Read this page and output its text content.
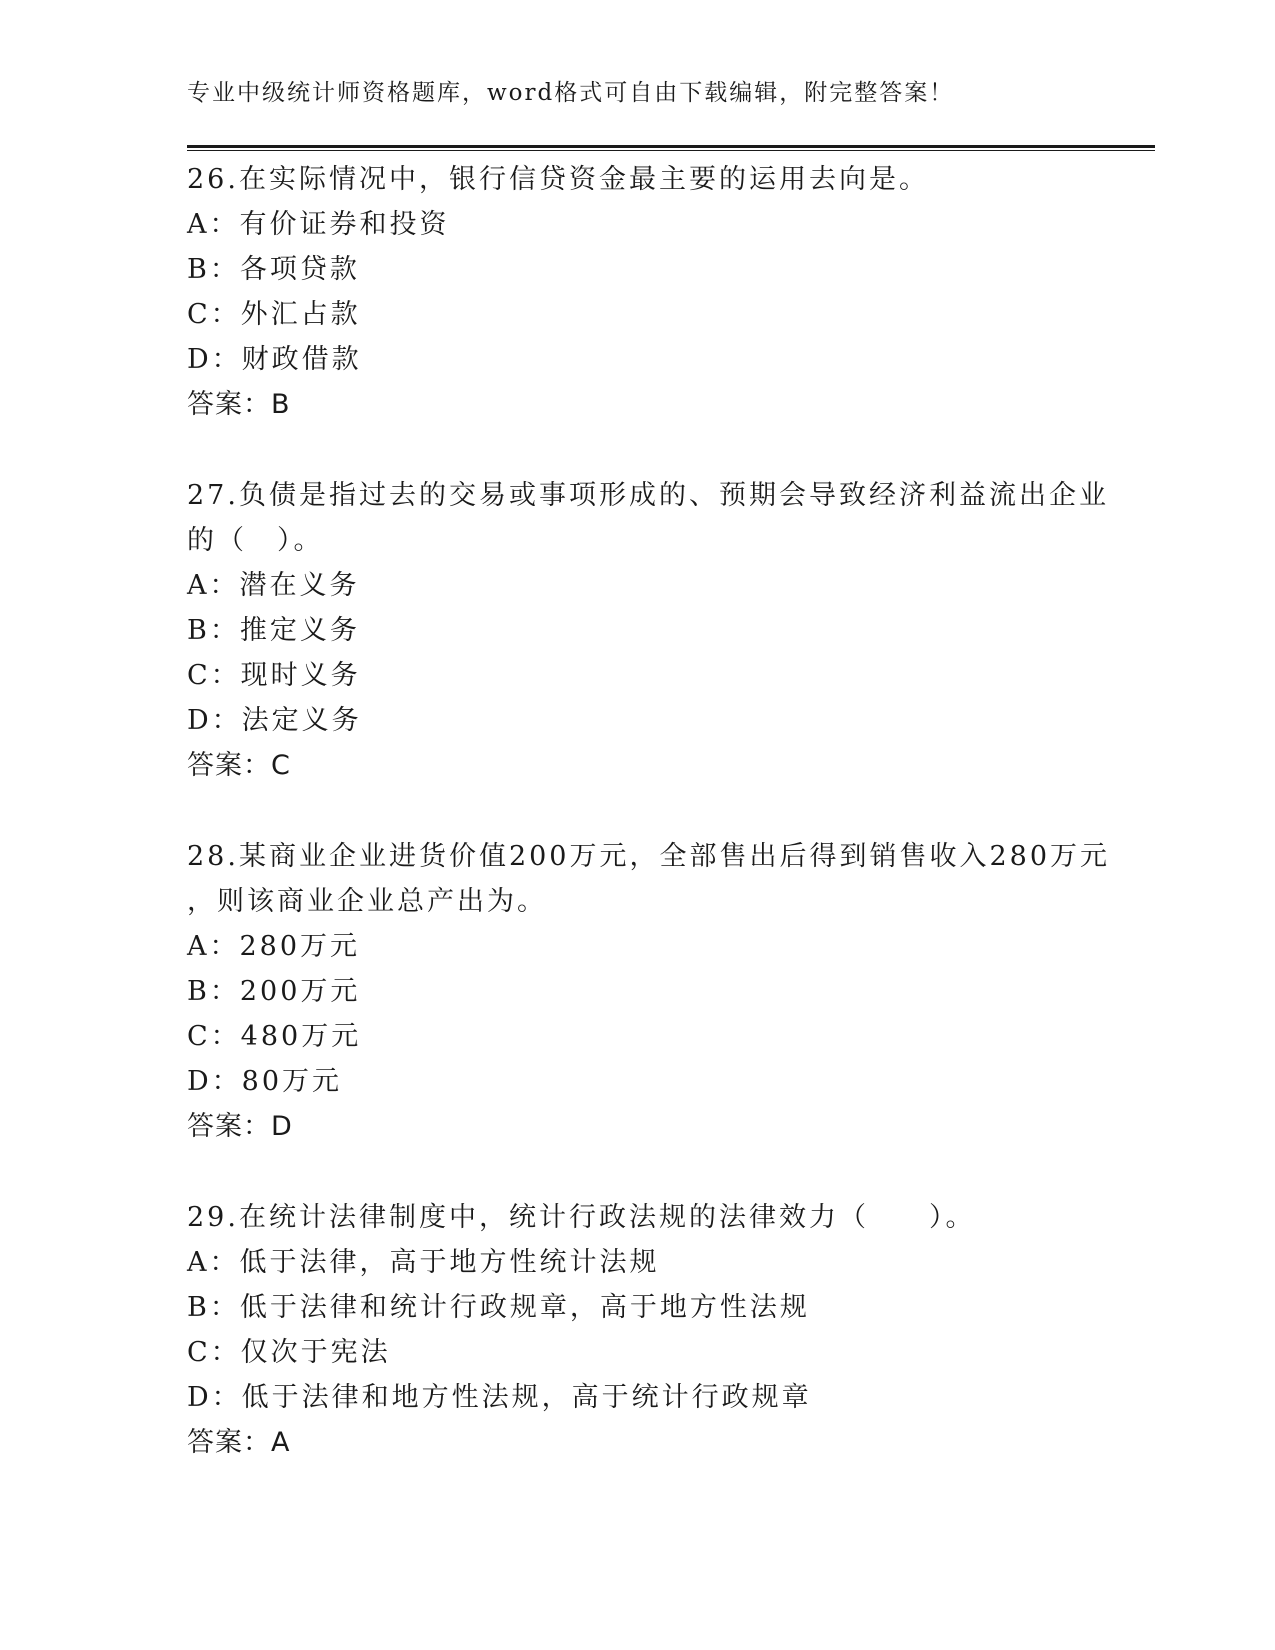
专业中级统计师资格题库，word格式可自由下载编辑，附完整答案！
26.在实际情况中，银行信贷资金最主要的运用去向是。
A：有价证券和投资
B：各项贷款
C：外汇占款
D：财政借款
答案：B
27.负债是指过去的交易或事项形成的、预期会导致经济利益流出企业
的（　）。
A：潜在义务
B：推定义务
C：现时义务
D：法定义务
答案：C
28.某商业企业进货价值200万元，全部售出后得到销售收入280万元
，则该商业企业总产出为。
A：280万元
B：200万元
C：480万元
D：80万元
答案：D
29.在统计法律制度中，统计行政法规的法律效力（　　）。
A：低于法律，高于地方性统计法规
B：低于法律和统计行政规章，高于地方性法规
C：仅次于宪法
D：低于法律和地方性法规，高于统计行政规章
答案：A
